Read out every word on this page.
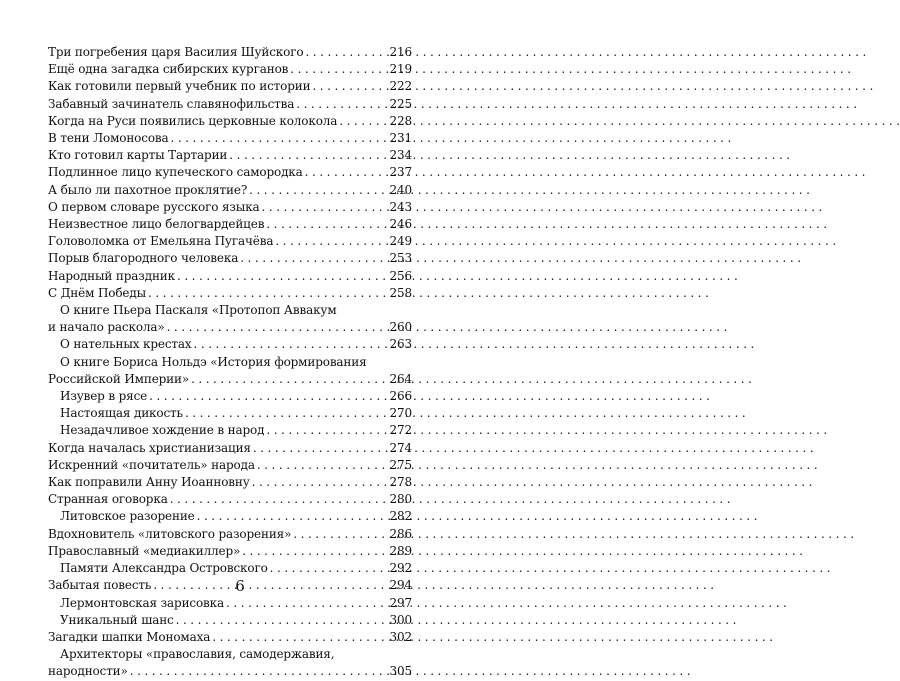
Три погребения царя Василия Шуйского . . .	216
Ещё одна загадка сибирских курганов . . .	219
Как готовили первый учебник по истории . . .	222
Забавный зачинатель славянофильства . . .	225
Когда на Руси появились церковные колокола . . .	228
В тени Ломоносова . . .	231
Кто готовил карты Тартарии . . .	234
Подлинное лицо купеческого самородка . . .	237
А было ли пахотное проклятие? . . .	240
О первом словаре русского языка . . .	243
Неизвестное лицо белогвардейцев . . .	246
Головоломка от Емельяна Пугачёва . . .	249
Порыв благородного человека . . .	253
Народный праздник . . .	256
С Днём Победы . . .	258
О книге Пьера Паскаля «Протопоп Аввакум
и начало раскола» . . .	260
О нательных крестах . . .	263
О книге Бориса Нольдэ «История формирования
Российской Империи» . . .	264
Изувер в рясе . . .	266
Настоящая дикость . . .	270
Незадачливое хождение в народ . . .	272
Когда началась христианизация . . .	274
Искренний «почитатель» народа . . .	275
Как поправили Анну Иоанновну . . .	278
Странная оговорка . . .	280
Литовское разорение . . .	282
Вдохновитель «литовского разорения» . . .	286
Православный «медиакиллер» . . .	289
Памяти Александра Островского . . .	292
Забытая повесть . . .	294
Лермонтовская зарисовка . . .	297
Уникальный шанс . . .	300
Загадки шапки Мономаха . . .	302
Архитекторы «православия, самодержавия,
народности» . . .	305
6
